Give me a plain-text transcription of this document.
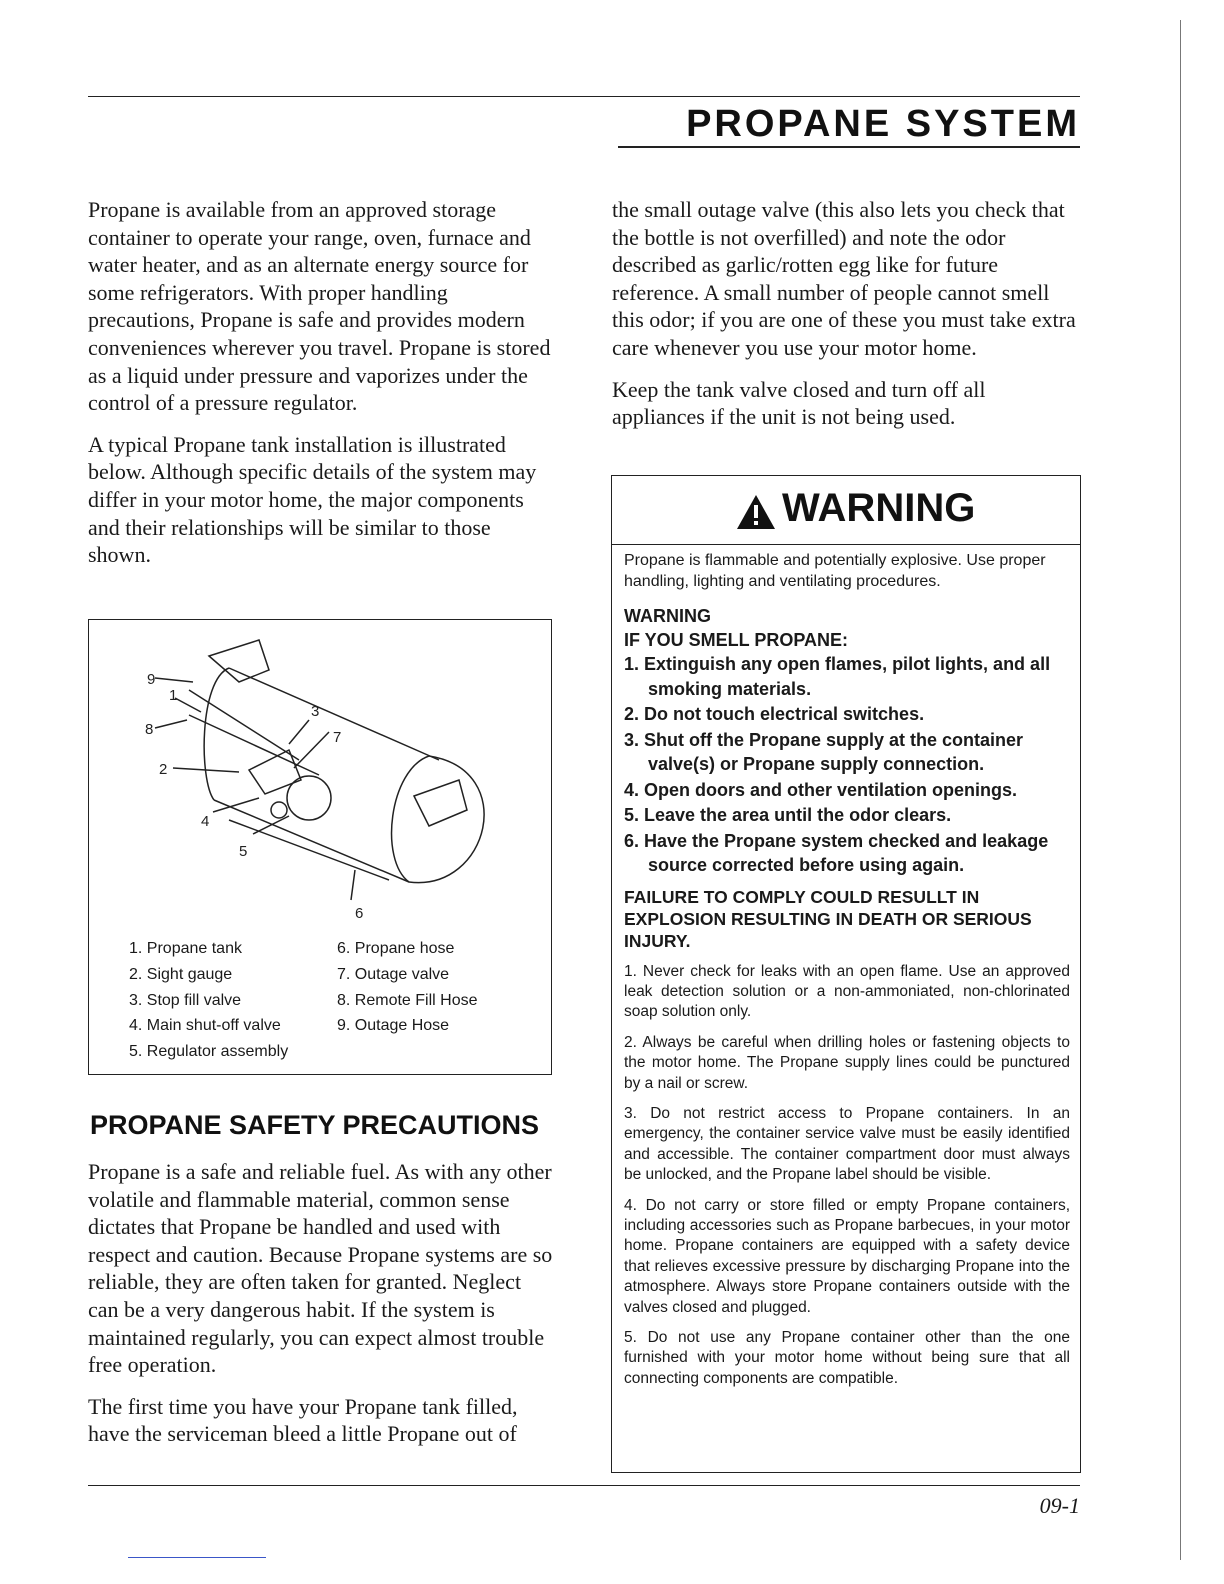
PROPANE SYSTEM

Propane is available from an approved storage container to operate your range, oven, furnace and water heater, and as an alternate energy source for some refrigerators. With proper handling precautions, Propane is safe and provides modern conveniences wherever you travel. Propane is stored as a liquid under pressure and vaporizes under the control of a pressure regulator.

A typical Propane tank installation is illustrated below. Although specific details of the system may differ in your motor home, the major components and their relationships will be similar to those shown.

9
1
8
3
7
2
4
5
6
1. Propane tank
2. Sight gauge
3. Stop fill valve
4. Main shut-off valve
5. Regulator assembly
6. Propane hose
7. Outage valve
8. Remote Fill Hose
9. Outage Hose
PROPANE SAFETY PRECAUTIONS

Propane is a safe and reliable fuel. As with any other volatile and flammable material, common sense dictates that Propane be handled and used with respect and caution. Because Propane systems are so reliable, they are often taken for granted. Neglect can be a very dangerous habit. If the system is maintained regularly, you can expect almost trouble free operation.

The first time you have your Propane tank filled, have the serviceman bleed a little Propane out of

the small outage valve (this also lets you check that the bottle is not overfilled) and note the odor described as garlic/rotten egg like for future reference. A small number of people cannot smell this odor; if you are one of these you must take extra care whenever you use your motor home.

Keep the tank valve closed and turn off all appliances if the unit is not being used.

WARNING

Propane is flammable and potentially explosive. Use proper handling, lighting and ventilating procedures.

WARNING

IF YOU SMELL PROPANE:

1. Extinguish any open flames, pilot lights, and all smoking materials.
2. Do not touch electrical switches.
3. Shut off the Propane supply at the container valve(s) or Propane supply connection.
4. Open doors and other ventilation openings.
5. Leave the area until the odor clears.
6. Have the Propane system checked and leakage source corrected before using again.

FAILURE TO COMPLY COULD RESULLT IN EXPLOSION RESULTING IN DEATH OR SERIOUS INJURY.

1. Never check for leaks with an open flame. Use an approved leak detection solution or a non-ammoniated, non-chlorinated soap solution only.

2. Always be careful when drilling holes or fastening objects to the motor home. The Propane supply lines could be punctured by a nail or screw.

3. Do not restrict access to Propane containers. In an emergency, the container service valve must be easily identified and accessible. The container compartment door must always be unlocked, and the Propane label should be visible.

4. Do not carry or store filled or empty Propane containers, including accessories such as Propane barbecues, in your motor home. Propane containers are equipped with a safety device that relieves excessive pressure by discharging Propane into the atmosphere. Always store Propane containers outside with the valves closed and plugged.

5. Do not use any Propane container other than the one furnished with your motor home without being sure that all connecting components are compatible.

09-1
